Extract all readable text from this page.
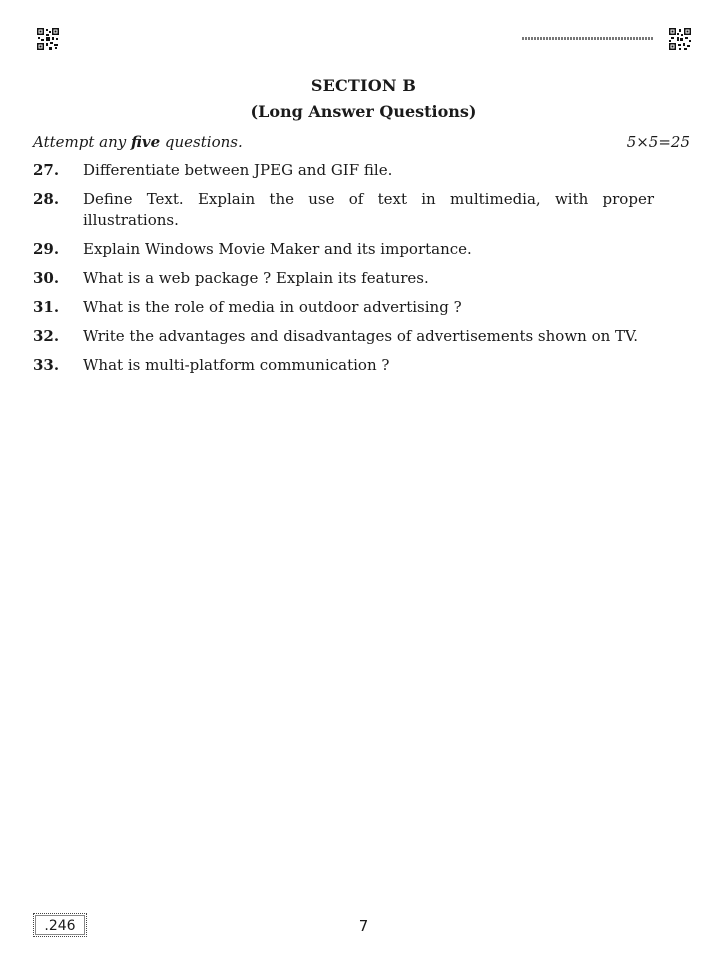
SECTION B
(Long Answer Questions)
Attempt any five questions.	5×5=25
27.	Differentiate between JPEG and GIF file.
28.	Define Text. Explain the use of text in multimedia, with proper illustrations.
29.	Explain Windows Movie Maker and its importance.
30.	What is a web package ? Explain its features.
31.	What is the role of media in outdoor advertising ?
32.	Write the advantages and disadvantages of advertisements shown on TV.
33.	What is multi-platform communication ?
.246	7
